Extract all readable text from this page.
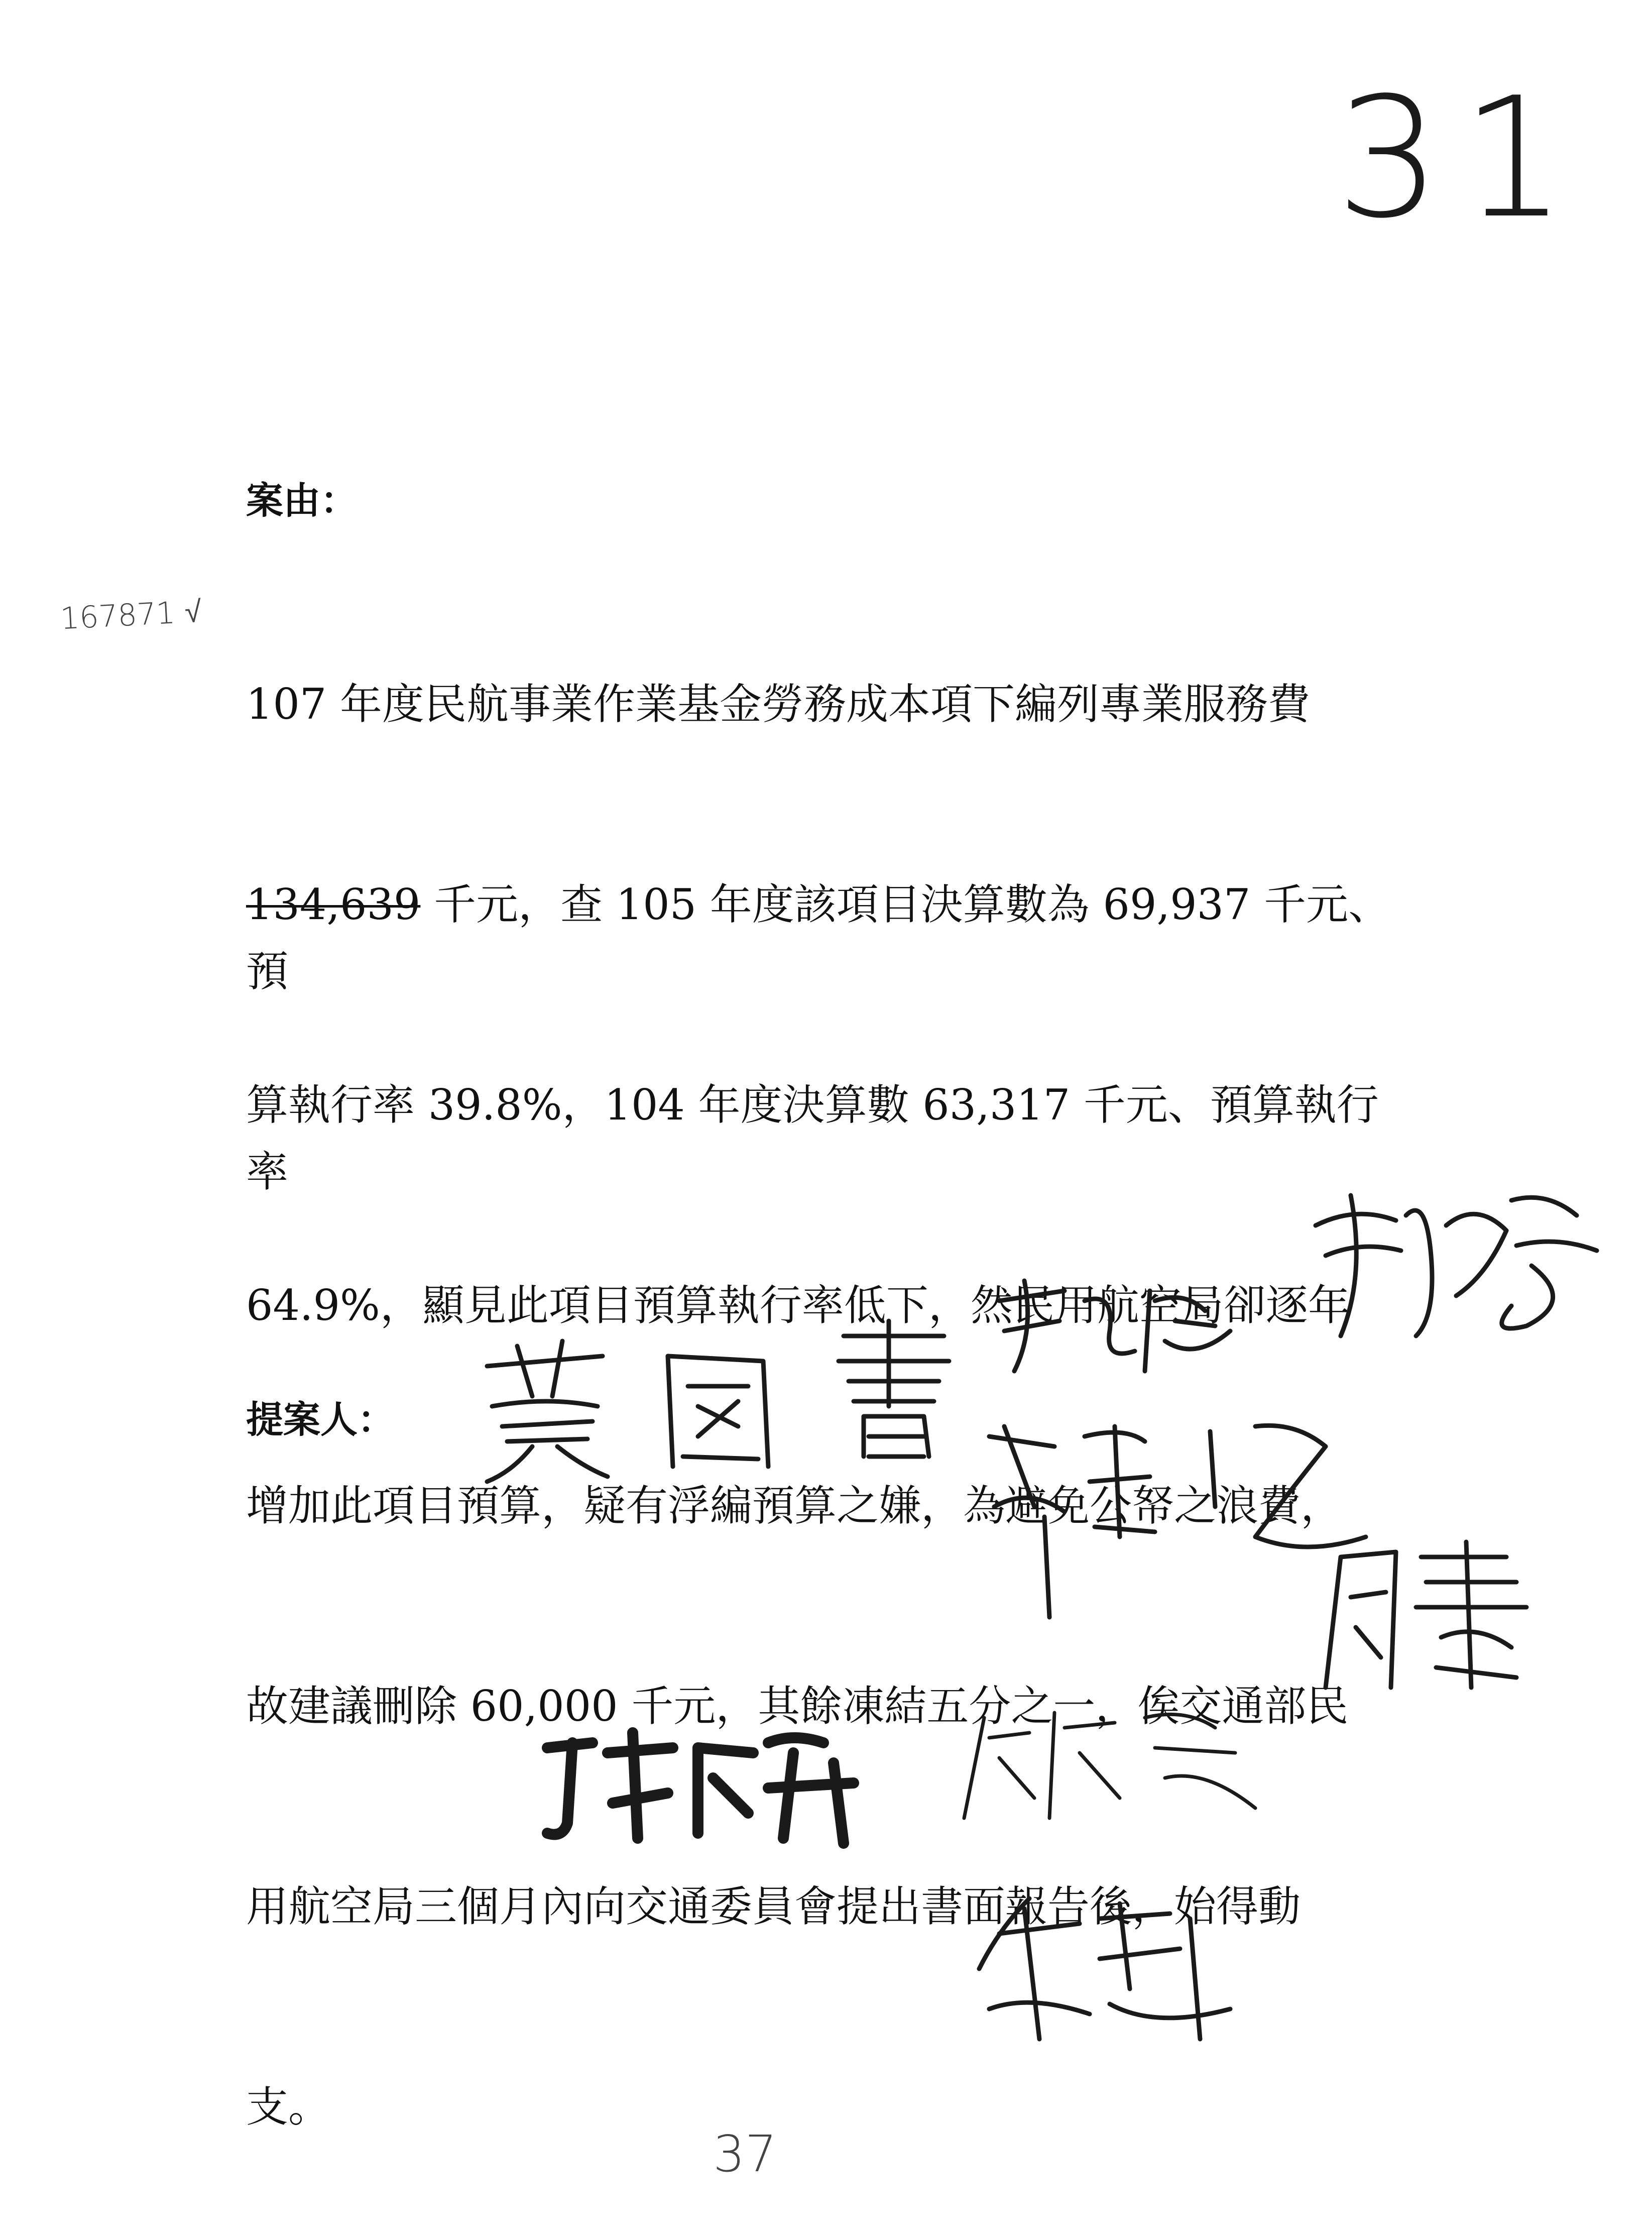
31
167871 √
案由：

107 年度民航事業作業基金勞務成本項下編列專業服務費

134,639 千元，查 105 年度該項目決算數為 69,937 千元、預

算執行率 39.8%，104 年度決算數 63,317 千元、預算執行率

64.9%，顯見此項目預算執行率低下，然民用航空局卻逐年

增加此項目預算，疑有浮編預算之嫌，為避免公帑之浪費，

故建議刪除 60,000 千元，其餘凍結五分之一，俟交通部民

用航空局三個月內向交通委員會提出書面報告後，始得動

支。

提案人：
37
